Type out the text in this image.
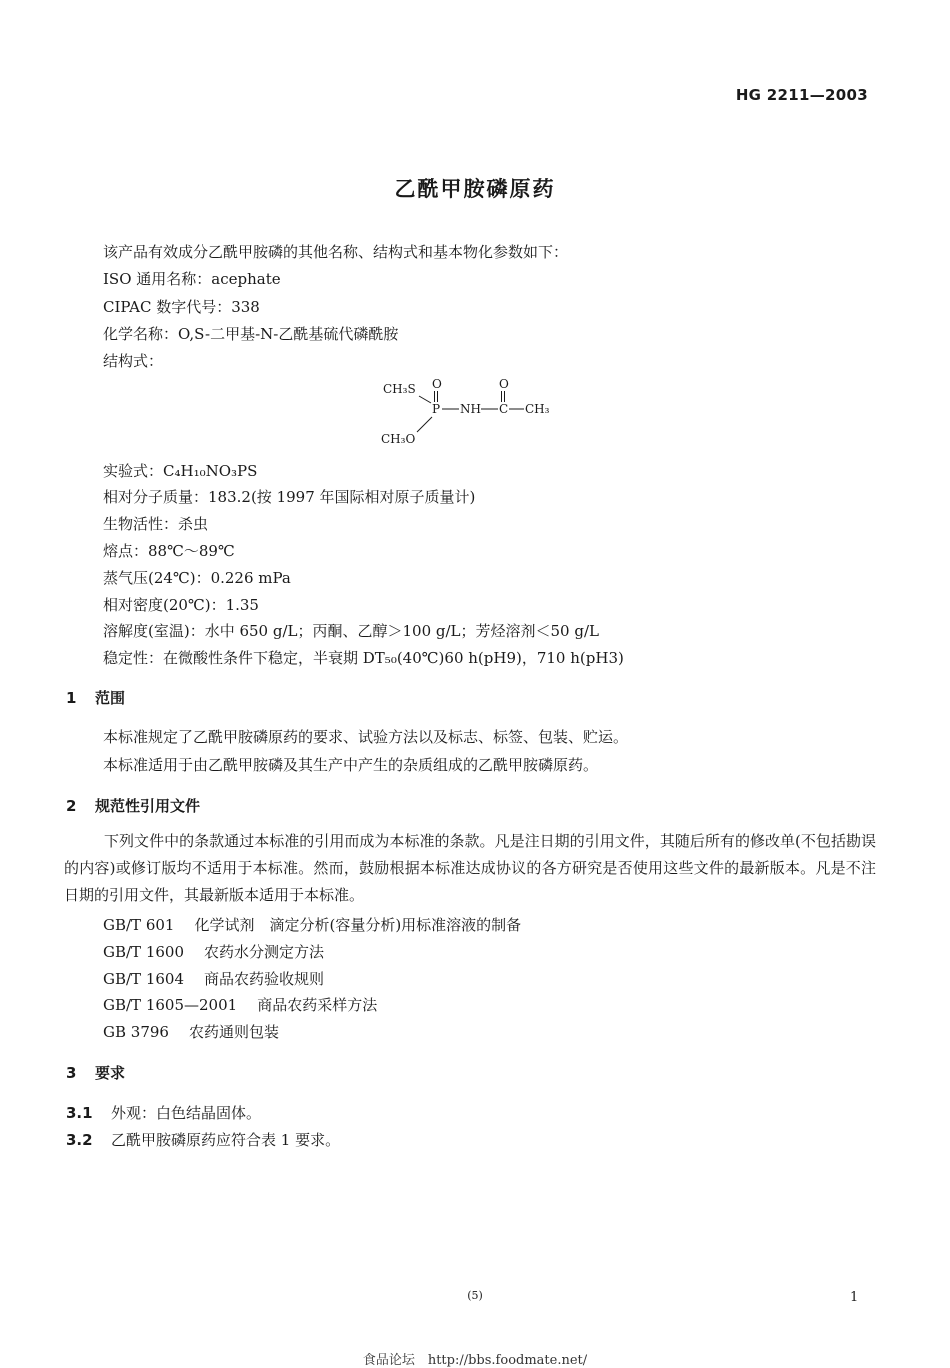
HG 2211—2003
乙酰甲胺磷原药
该产品有效成分乙酰甲胺磷的其他名称、结构式和基本物化参数如下：
ISO 通用名称：acephate
CIPAC 数字代号：338
化学名称：O,S-二甲基-N-乙酰基硫代磷酰胺
结构式：
CH₃S O
P NH
O
C CH₃
CH₃O
实验式：C₄H₁₀NO₃PS
相对分子质量：183.2(按 1997 年国际相对原子质量计)
生物活性：杀虫
熔点：88℃～89℃
蒸气压(24℃)：0.226 mPa
相对密度(20℃)：1.35
溶解度(室温)：水中 650 g/L；丙酮、乙醇＞100 g/L；芳烃溶剂＜50 g/L
稳定性：在微酸性条件下稳定，半衰期 DT₅₀(40℃)60 h(pH9)，710 h(pH3)
1 范围
本标准规定了乙酰甲胺磷原药的要求、试验方法以及标志、标签、包装、贮运。
本标准适用于由乙酰甲胺磷及其生产中产生的杂质组成的乙酰甲胺磷原药。
2 规范性引用文件
下列文件中的条款通过本标准的引用而成为本标准的条款。凡是注日期的引用文件，其随后所有的修改单(不包括勘误的内容)或修订版均不适用于本标准。然而，鼓励根据本标准达成协议的各方研究是否使用这些文件的最新版本。凡是不注日期的引用文件，其最新版本适用于本标准。
GB/T 601 化学试剂　滴定分析(容量分析)用标准溶液的制备
GB/T 1600 农药水分测定方法
GB/T 1604 商品农药验收规则
GB/T 1605—2001 商品农药采样方法
GB 3796 农药通则包装
3 要求
3.1 外观：白色结晶固体。
3.2 乙酰甲胺磷原药应符合表 1 要求。
(5)	1
食品论坛　http://bbs.foodmate.net/
